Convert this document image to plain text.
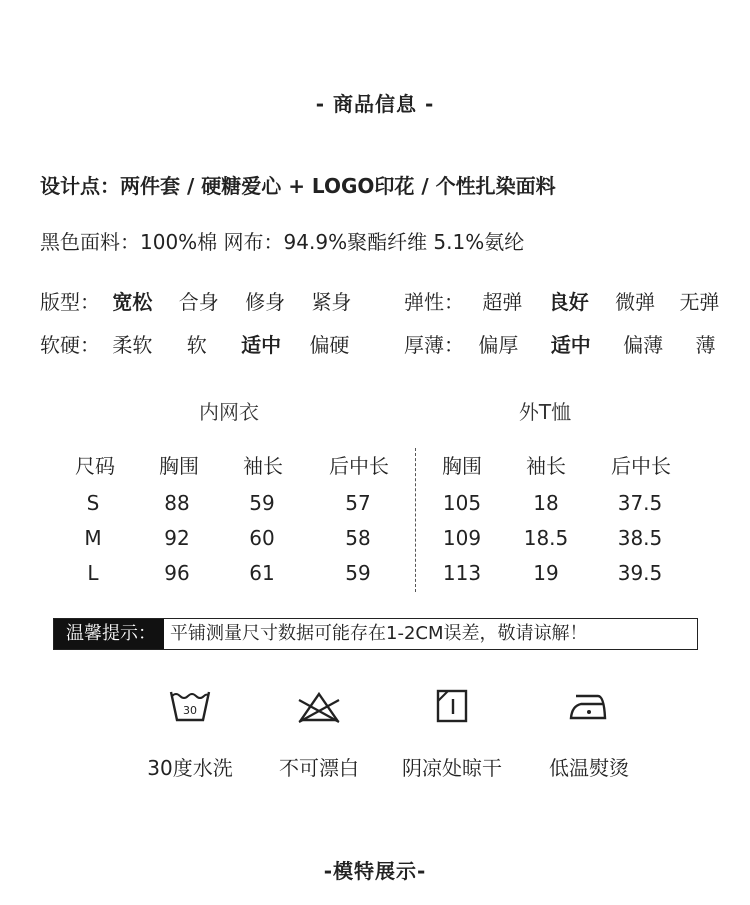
- 商品信息 -
设计点：两件套 / 硬糖爱心 + LOGO印花 / 个性扎染面料
黑色面料：100%棉 网布：94.9%聚酯纤维 5.1%氨纶
版型： 宽松 合身 修身 紧身	弹性： 超弹 良好 微弹 无弹
软硬： 柔软 软 适中 偏硬	厚薄： 偏厚 适中 偏薄 薄
内网衣	外T恤
尺码	胸围	袖长	后中长	胸围	袖长	后中长
S	88	59	57	105	18	37.5
M	92	60	58	109	18.5	38.5
L	96	61	59	113	19	39.5
温馨提示： 平铺测量尺寸数据可能存在1-2CM误差，敬请谅解！
30
30度水洗	不可漂白	阴凉处晾干	低温熨烫
-模特展示-
